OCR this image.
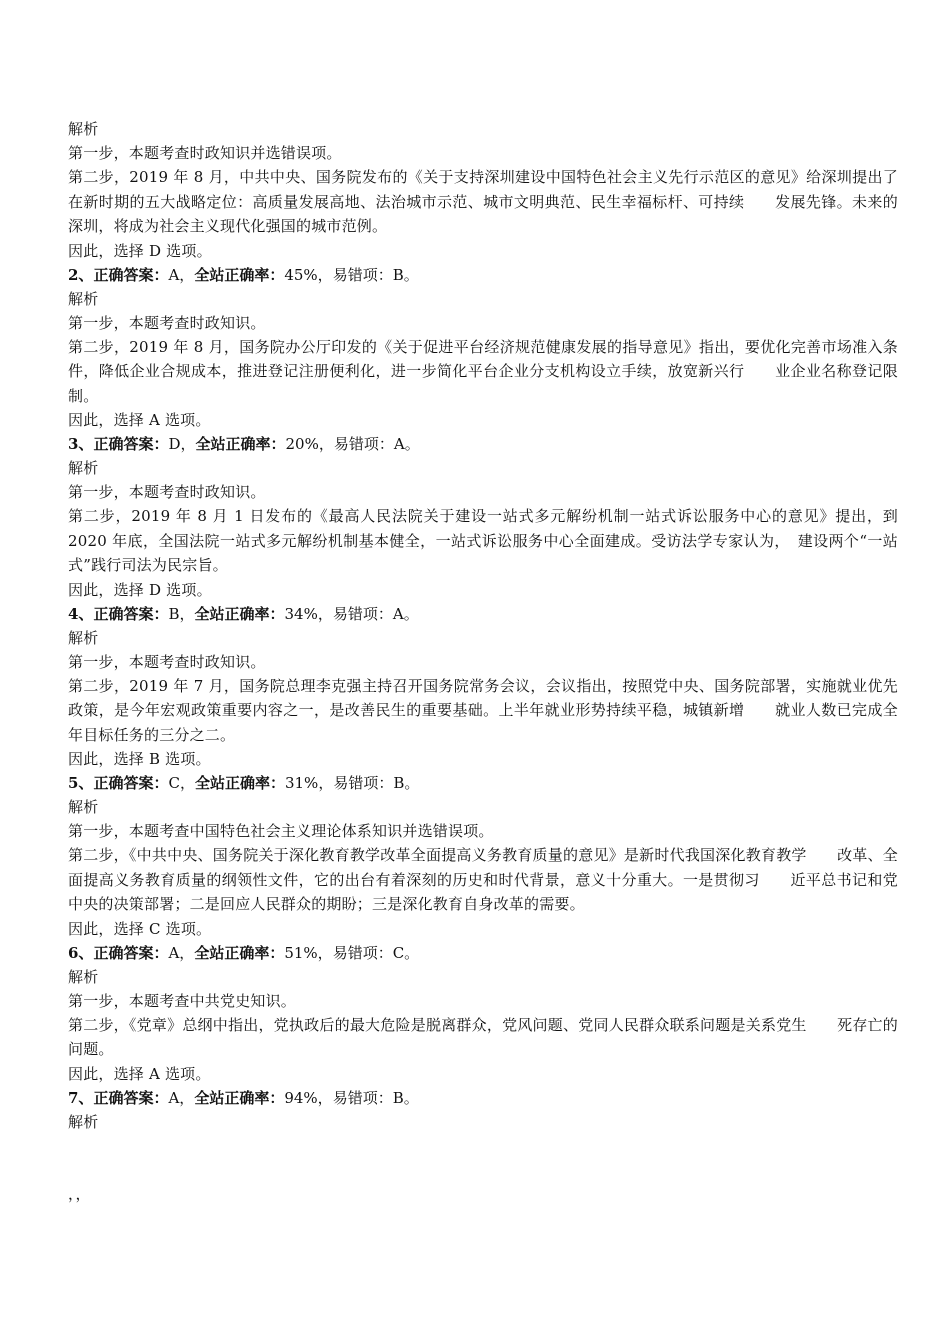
解析

第一步，本题考查时政知识并选错误项。

第二步，2019 年 8 月，中共中央、国务院发布的《关于支持深圳建设中国特色社会主义先行示范区的意见》给深圳提出了在新时期的五大战略定位：高质量发展高地、法治城市示范、城市文明典范、民生幸福标杆、可持续　　发展先锋。未来的深圳，将成为社会主义现代化强国的城市范例。

因此，选择 D 选项。

2、正确答案：A，全站正确率：45%，易错项：B。

解析

第一步，本题考查时政知识。

第二步，2019 年 8 月，国务院办公厅印发的《关于促进平台经济规范健康发展的指导意见》指出，要优化完善市场准入条件，降低企业合规成本，推进登记注册便利化，进一步简化平台企业分支机构设立手续，放宽新兴行　　业企业名称登记限制。

因此，选择 A 选项。

3、正确答案：D，全站正确率：20%，易错项：A。

解析

第一步，本题考查时政知识。

第二步，2019 年 8 月 1 日发布的《最高人民法院关于建设一站式多元解纷机制一站式诉讼服务中心的意见》提出，到 2020 年底，全国法院一站式多元解纷机制基本健全，一站式诉讼服务中心全面建成。受访法学专家认为，　建设两个“一站式”践行司法为民宗旨。

因此，选择 D 选项。

4、正确答案：B，全站正确率：34%，易错项：A。

解析

第一步，本题考查时政知识。

第二步，2019 年 7 月，国务院总理李克强主持召开国务院常务会议，会议指出，按照党中央、国务院部署，实施就业优先政策，是今年宏观政策重要内容之一，是改善民生的重要基础。上半年就业形势持续平稳，城镇新增　　就业人数已完成全年目标任务的三分之二。

因此，选择 B 选项。

5、正确答案：C，全站正确率：31%，易错项：B。

解析

第一步，本题考查中国特色社会主义理论体系知识并选错误项。

第二步，《中共中央、国务院关于深化教育教学改革全面提高义务教育质量的意见》是新时代我国深化教育教学　　改革、全面提高义务教育质量的纲领性文件，它的出台有着深刻的历史和时代背景，意义十分重大。一是贯彻习　　近平总书记和党中央的决策部署；二是回应人民群众的期盼；三是深化教育自身改革的需要。

因此，选择 C 选项。

6、正确答案：A，全站正确率：51%，易错项：C。

解析

第一步，本题考查中共党史知识。

第二步，《党章》总纲中指出，党执政后的最大危险是脱离群众，党风问题、党同人民群众联系问题是关系党生　　死存亡的问题。

因此，选择 A 选项。

7、正确答案：A，全站正确率：94%，易错项：B。

解析

，，
